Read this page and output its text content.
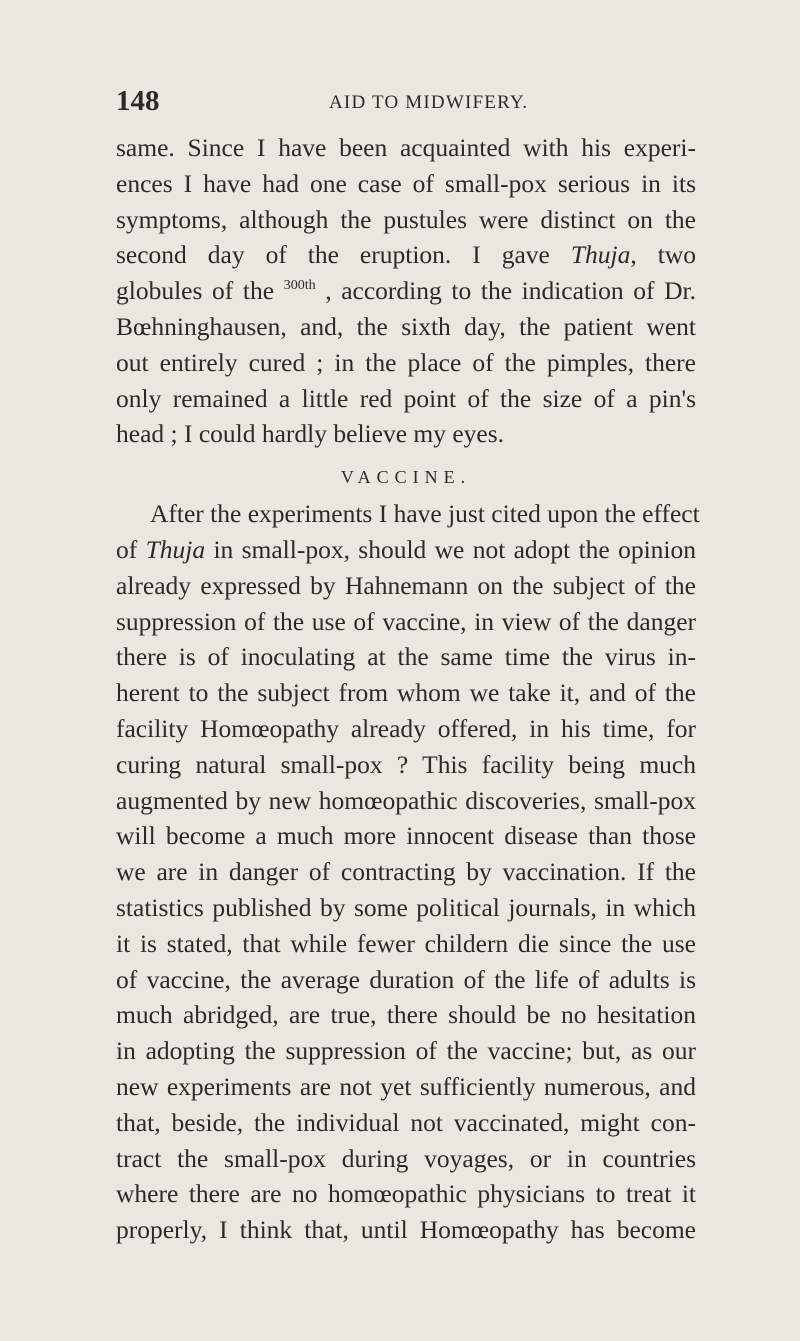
148	AID TO MIDWIFERY.
same. Since I have been acquainted with his experi-
ences I have had one case of small-pox serious in its
symptoms, although the pustules were distinct on the
second day of the eruption. I gave Thuja, two
globules of the $^{300th}$ , according to the indication of Dr.
Bœhninghausen, and, the sixth day, the patient went
out entirely cured ; in the place of the pimples, there
only remained a little red point of the size of a pin's
head ; I could hardly believe my eyes.
VACCINE.
After the experiments I have just cited upon the effect
of Thuja in small-pox, should we not adopt the opinion
already expressed by Hahnemann on the subject of the
suppression of the use of vaccine, in view of the danger
there is of inoculating at the same time the virus in-
herent to the subject from whom we take it, and of the
facility Homœopathy already offered, in his time, for
curing natural small-pox ? This facility being much
augmented by new homœopathic discoveries, small-pox
will become a much more innocent disease than those
we are in danger of contracting by vaccination. If the
statistics published by some political journals, in which
it is stated, that while fewer childern die since the use
of vaccine, the average duration of the life of adults is
much abridged, are true, there should be no hesitation
in adopting the suppression of the vaccine; but, as our
new experiments are not yet sufficiently numerous, and
that, beside, the individual not vaccinated, might con-
tract the small-pox during voyages, or in countries
where there are no homœopathic physicians to treat it
properly, I think that, until Homœopathy has become
